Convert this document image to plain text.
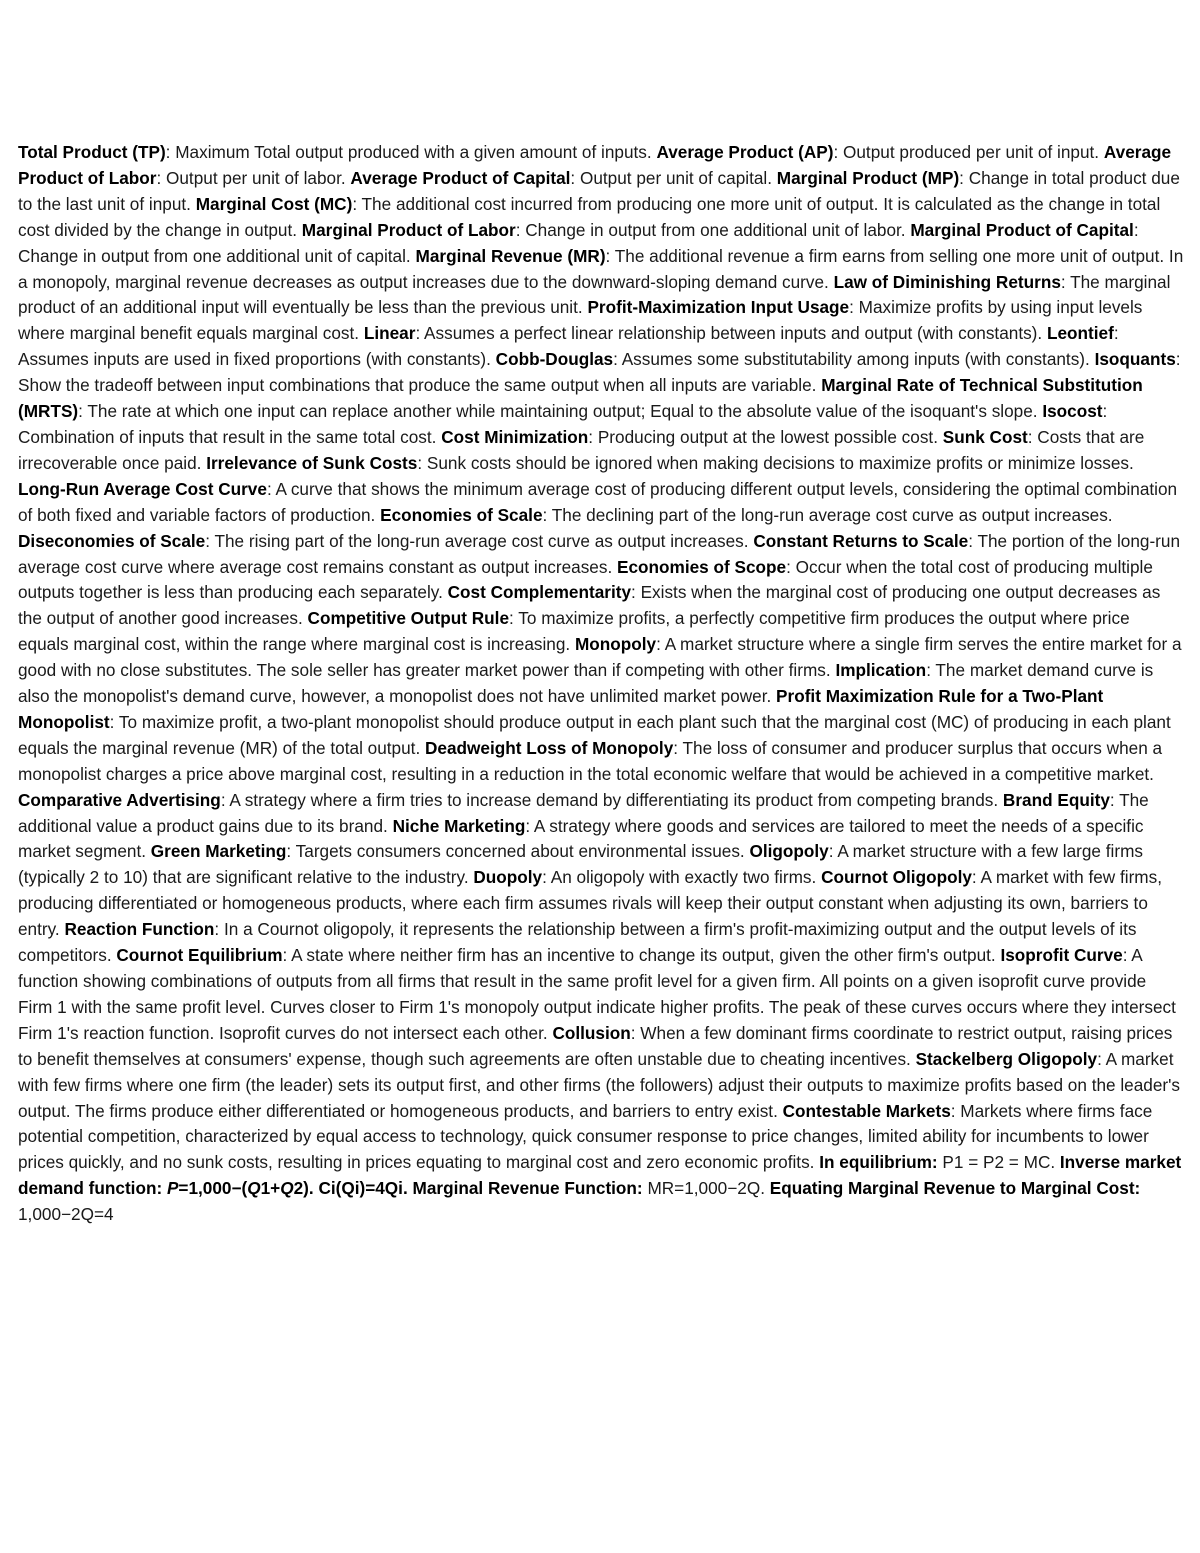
Total Product (TP): Maximum Total output produced with a given amount of inputs. Average Product (AP): Output produced per unit of input. Average Product of Labor: Output per unit of labor. Average Product of Capital: Output per unit of capital. Marginal Product (MP): Change in total product due to the last unit of input. Marginal Cost (MC): The additional cost incurred from producing one more unit of output. It is calculated as the change in total cost divided by the change in output. Marginal Product of Labor: Change in output from one additional unit of labor. Marginal Product of Capital: Change in output from one additional unit of capital. Marginal Revenue (MR): The additional revenue a firm earns from selling one more unit of output. In a monopoly, marginal revenue decreases as output increases due to the downward-sloping demand curve. Law of Diminishing Returns: The marginal product of an additional input will eventually be less than the previous unit. Profit-Maximization Input Usage: Maximize profits by using input levels where marginal benefit equals marginal cost. Linear: Assumes a perfect linear relationship between inputs and output (with constants). Leontief: Assumes inputs are used in fixed proportions (with constants). Cobb-Douglas: Assumes some substitutability among inputs (with constants). Isoquants: Show the tradeoff between input combinations that produce the same output when all inputs are variable. Marginal Rate of Technical Substitution (MRTS): The rate at which one input can replace another while maintaining output; Equal to the absolute value of the isoquant's slope. Isocost: Combination of inputs that result in the same total cost. Cost Minimization: Producing output at the lowest possible cost. Sunk Cost: Costs that are irrecoverable once paid. Irrelevance of Sunk Costs: Sunk costs should be ignored when making decisions to maximize profits or minimize losses. Long-Run Average Cost Curve: A curve that shows the minimum average cost of producing different output levels, considering the optimal combination of both fixed and variable factors of production. Economies of Scale: The declining part of the long-run average cost curve as output increases. Diseconomies of Scale: The rising part of the long-run average cost curve as output increases. Constant Returns to Scale: The portion of the long-run average cost curve where average cost remains constant as output increases. Economies of Scope: Occur when the total cost of producing multiple outputs together is less than producing each separately. Cost Complementarity: Exists when the marginal cost of producing one output decreases as the output of another good increases. Competitive Output Rule: To maximize profits, a perfectly competitive firm produces the output where price equals marginal cost, within the range where marginal cost is increasing. Monopoly: A market structure where a single firm serves the entire market for a good with no close substitutes. The sole seller has greater market power than if competing with other firms. Implication: The market demand curve is also the monopolist's demand curve, however, a monopolist does not have unlimited market power. Profit Maximization Rule for a Two-Plant Monopolist: To maximize profit, a two-plant monopolist should produce output in each plant such that the marginal cost (MC) of producing in each plant equals the marginal revenue (MR) of the total output. Deadweight Loss of Monopoly: The loss of consumer and producer surplus that occurs when a monopolist charges a price above marginal cost, resulting in a reduction in the total economic welfare that would be achieved in a competitive market. Comparative Advertising: A strategy where a firm tries to increase demand by differentiating its product from competing brands. Brand Equity: The additional value a product gains due to its brand. Niche Marketing: A strategy where goods and services are tailored to meet the needs of a specific market segment. Green Marketing: Targets consumers concerned about environmental issues. Oligopoly: A market structure with a few large firms (typically 2 to 10) that are significant relative to the industry. Duopoly: An oligopoly with exactly two firms. Cournot Oligopoly: A market with few firms, producing differentiated or homogeneous products, where each firm assumes rivals will keep their output constant when adjusting its own, barriers to entry. Reaction Function: In a Cournot oligopoly, it represents the relationship between a firm's profit-maximizing output and the output levels of its competitors. Cournot Equilibrium: A state where neither firm has an incentive to change its output, given the other firm's output. Isoprofit Curve: A function showing combinations of outputs from all firms that result in the same profit level for a given firm. All points on a given isoprofit curve provide Firm 1 with the same profit level. Curves closer to Firm 1's monopoly output indicate higher profits. The peak of these curves occurs where they intersect Firm 1's reaction function. Isoprofit curves do not intersect each other. Collusion: When a few dominant firms coordinate to restrict output, raising prices to benefit themselves at consumers' expense, though such agreements are often unstable due to cheating incentives. Stackelberg Oligopoly: A market with few firms where one firm (the leader) sets its output first, and other firms (the followers) adjust their outputs to maximize profits based on the leader's output. The firms produce either differentiated or homogeneous products, and barriers to entry exist. Contestable Markets: Markets where firms face potential competition, characterized by equal access to technology, quick consumer response to price changes, limited ability for incumbents to lower prices quickly, and no sunk costs, resulting in prices equating to marginal cost and zero economic profits. In equilibrium: P1 = P2 = MC. Inverse market demand function: P=1,000−(Q1+Q2). Ci(Qi)=4Qi. Marginal Revenue Function: MR=1,000−2Q. Equating Marginal Revenue to Marginal Cost: 1,000−2Q=4
